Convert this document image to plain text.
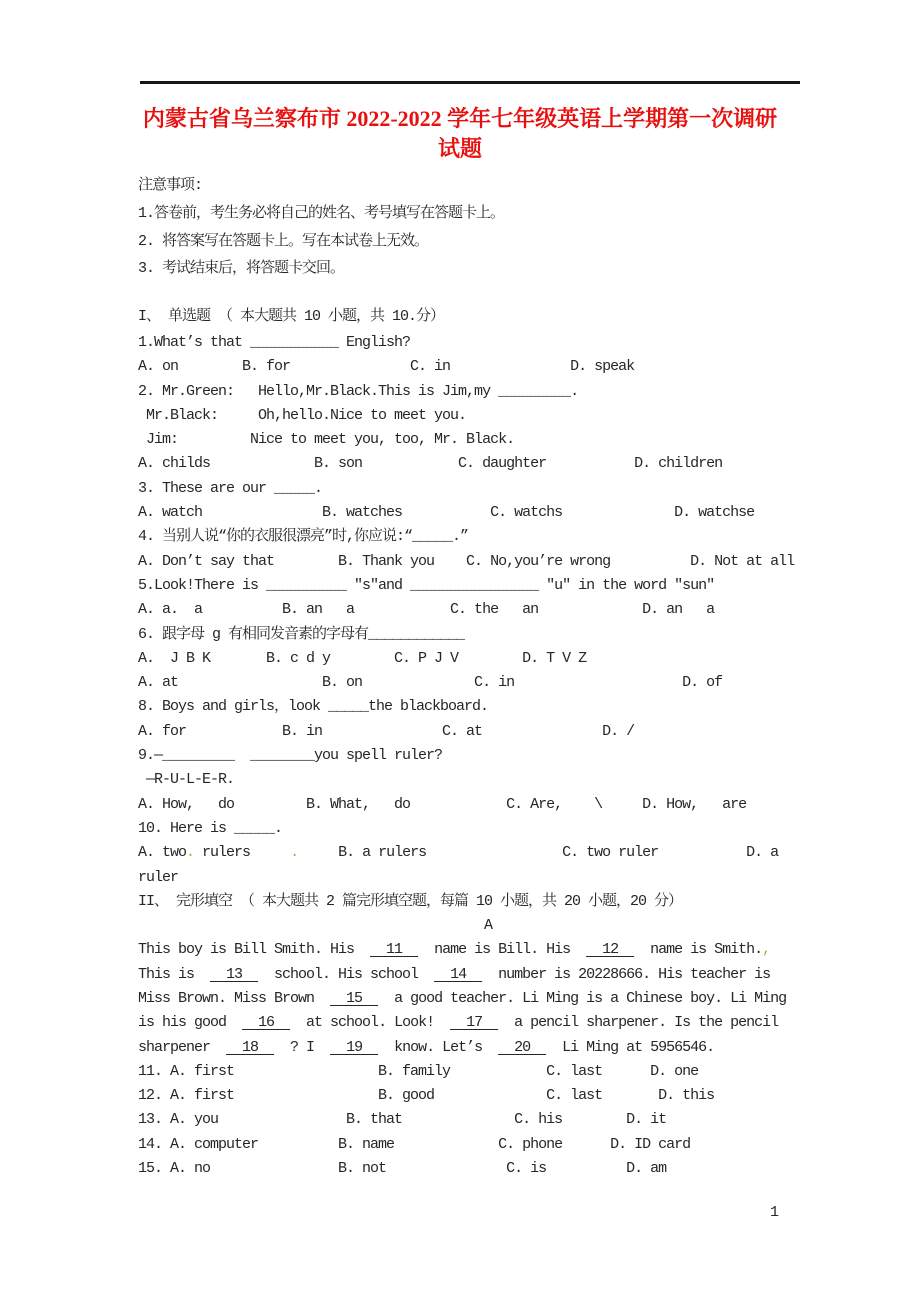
内蒙古省乌兰察布市 2022-2022 学年七年级英语上学期第一次调研
试题
注意事项:
1.答卷前，考生务必将自己的姓名、考号填写在答题卡上。
2. 将答案写在答题卡上。写在本试卷上无效。
3. 考试结束后，将答题卡交回。
I、 单选题 （ 本大题共 10 小题，共 10.分）
1.What’s that ___________ English?
A. on        B. for               C. in               D. speak
2. Mr.Green:   Hello,Mr.Black.This is Jim,my _________.
Mr.Black:     Oh,hello.Nice to meet you.
Jim:         Nice to meet you, too, Mr. Black.
A. childs             B. son            C. daughter           D. children
3. These are our _____.
A. watch               B. watches           C. watchs              D. watchse
4. 当别人说“你的衣服很漂亮”时,你应说:“_____.”
A. Don’t say that        B. Thank you    C. No,you’re wrong          D. Not at all
5.Look!There is __________ ″s″and ________________ ″u″ in the word ″sun″
A. a.  a          B. an   a            C. the   an             D. an   a
6. 跟字母 g 有相同发音素的字母有____________
A.  J B K       B. c d y        C. P J V        D. T V Z
A. at                  B. on              C. in                     D. of
8. Boys and girls，look _____the blackboard.
A. for            B. in               C. at               D. /
9.—_________  ________you spell ruler?
—R-U-L-E-R.
A. How,   do         B. What,   do            C. Are,    \     D. How,   are
10. Here is _____.
A. two. rulers     .     B. a rulers                 C. two ruler           D. a
ruler
II、 完形填空 （ 本大题共 2 篇完形填空题，每篇 10 小题，共 20 小题，20 分）
A
This boy is Bill Smith. His    11    name is Bill. His    12    name is Smith.,
This is    13    school. His school    14    number is 20228666. His teacher is
Miss Brown. Miss Brown    15    a good teacher. Li Ming is a Chinese boy. Li Ming
is his good    16    at school. Look!    17    a pencil sharpener. Is the pencil
sharpener    18    ? I    19    know. Let’s    20    Li Ming at 5956546.
11. A. first                  B. family            C. last      D. one
12. A. first                  B. good              C. last       D. this
13. A. you                B. that              C. his        D. it
14. A. computer          B. name             C. phone      D. ID card
15. A. no                B. not               C. is          D. am
1
